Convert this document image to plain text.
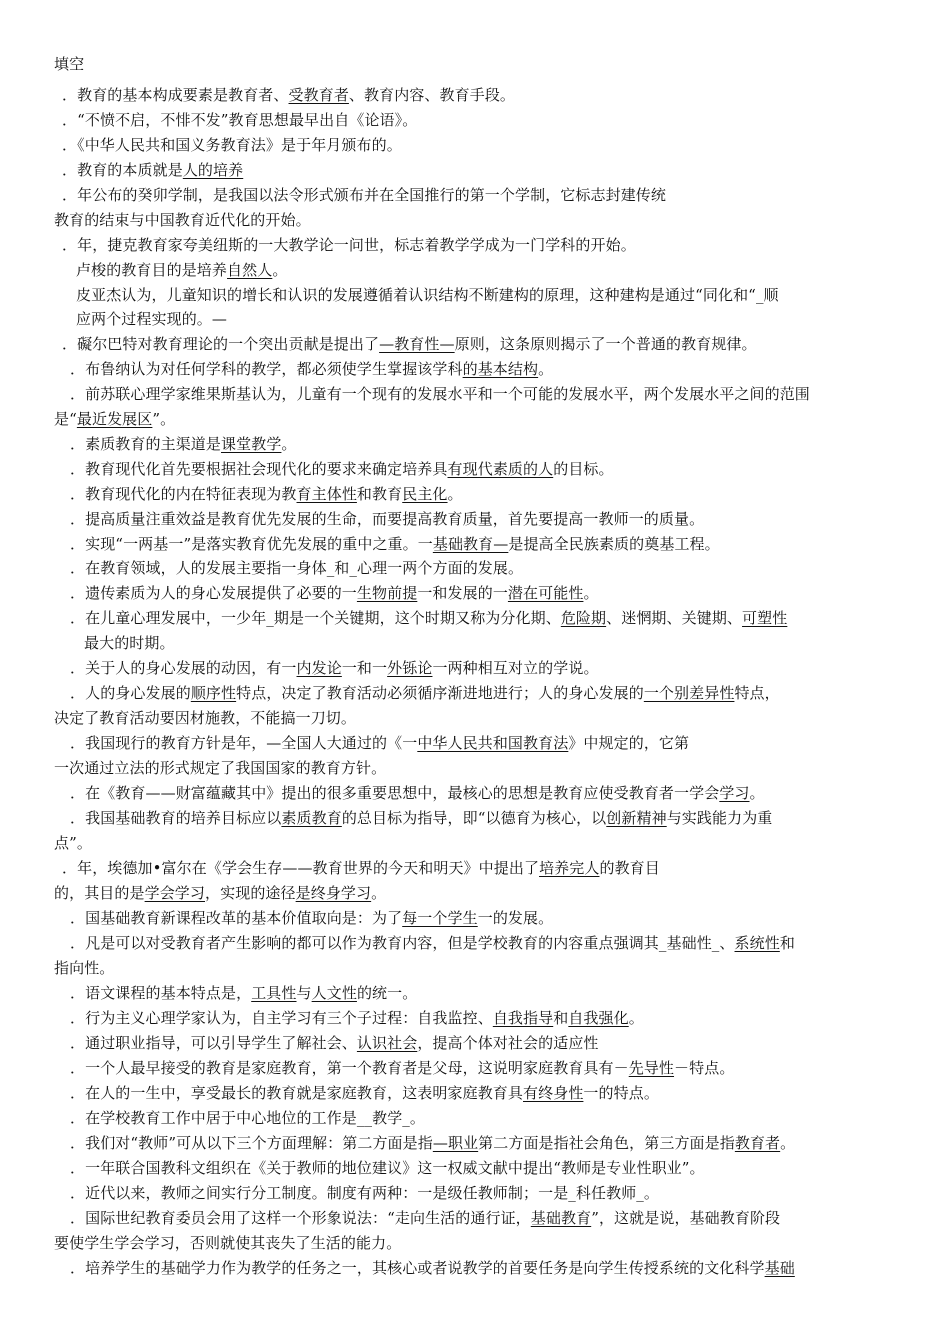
填空
．教育的基本构成要素是教育者、受教育者、教育内容、教育手段。
．“不愤不启，不悱不发”教育思想最早出自《论语》。
．《中华人民共和国义务教育法》是于年月颁布的。
．教育的本质就是人的培养
．年公布的癸卯学制，是我国以法令形式颁布并在全国推行的第一个学制，它标志封建传统
教育的结束与中国教育近代化的开始。
．年，捷克教育家夸美纽斯的一大教学论一问世，标志着教学学成为一门学科的开始。
卢梭的教育目的是培养自然人。
皮亚杰认为，儿童知识的增长和认识的发展遵循着认识结构不断建构的原理，这种建构是通过“同化和“_顺
应两个过程实现的。—
．礙尔巴特对教育理论的一个突出贡献是提出了—教育性—原则，这条原则揭示了一个普通的教育规律。
．布鲁纳认为对任何学科的教学，都必须使学生掌握该学科的基本结构。
．前苏联心理学家维果斯基认为，儿童有一个现有的发展水平和一个可能的发展水平，两个发展水平之间的范围
是“最近发展区”。
．素质教育的主渠道是课堂教学。
．教育现代化首先要根据社会现代化的要求来确定培养具有现代素质的人的目标。
．教育现代化的内在特征表现为教育主体性和教育民主化。
．提高质量注重效益是教育优先发展的生命，而要提高教育质量，首先要提高一教师一的质量。
．实现“一两基一”是落实教育优先发展的重中之重。一基础教育—是提高全民族素质的奠基工程。
．在教育领域，人的发展主要指一身体_和_心理一两个方面的发展。
．遗传素质为人的身心发展提供了必要的一生物前提一和发展的一潜在可能性。
．在儿童心理发展中，一少年_期是一个关键期，这个时期又称为分化期、危险期、迷惘期、关键期、可塑性
最大的时期。
．关于人的身心发展的动因，有一内发论一和一外铄论一两种相互对立的学说。
．人的身心发展的顺序性特点，决定了教育活动必须循序渐进地进行；人的身心发展的一个别差异性特点，
决定了教育活动要因材施教，不能搞一刀切。
．我国现行的教育方针是年，—全国人大通过的《一中华人民共和国教育法》中规定的，它第
一次通过立法的形式规定了我国国家的教育方针。
．在《教育——财富蕴藏其中》提出的很多重要思想中，最核心的思想是教育应使受教育者一学会学习。
．我国基础教育的培养目标应以素质教育的总目标为指导，即“以德育为核心，以创新精神与实践能力为重
点”。
．年，埃德加•富尔在《学会生存——教育世界的今天和明天》中提出了培养完人的教育目
的，其目的是学会学习，实现的途径是终身学习。
．国基础教育新课程改革的基本价值取向是：为了每一个学生一的发展。
．凡是可以对受教育者产生影响的都可以作为教育内容，但是学校教育的内容重点强调其_基础性_、系统性和
指向性。
．语文课程的基本特点是，工具性与人文性的统一。
．行为主义心理学家认为，自主学习有三个子过程：自我监控、自我指导和自我强化。
．通过职业指导，可以引导学生了解社会、认识社会，提高个体对社会的适应性
．一个人最早接受的教育是家庭教育，第一个教育者是父母，这说明家庭教育具有－先导性－特点。
．在人的一生中，享受最长的教育就是家庭教育，这表明家庭教育具有终身性一的特点。
．在学校教育工作中居于中心地位的工作是__教学_。
．我们对“教师”可从以下三个方面理解：第二方面是指—职业第二方面是指社会角色，第三方面是指教育者。
．一年联合国教科文组织在《关于教师的地位建议》这一权威文献中提出“教师是专业性职业”。
．近代以来，教师之间实行分工制度。制度有两种：一是级任教师制；一是_科任教师_。
．国际世纪教育委员会用了这样一个形象说法：“走向生活的通行证，基础教育”，这就是说，基础教育阶段
要使学生学会学习，否则就使其丧失了生活的能力。
．培养学生的基础学力作为教学的任务之一，其核心或者说教学的首要任务是向学生传授系统的文化科学基础
